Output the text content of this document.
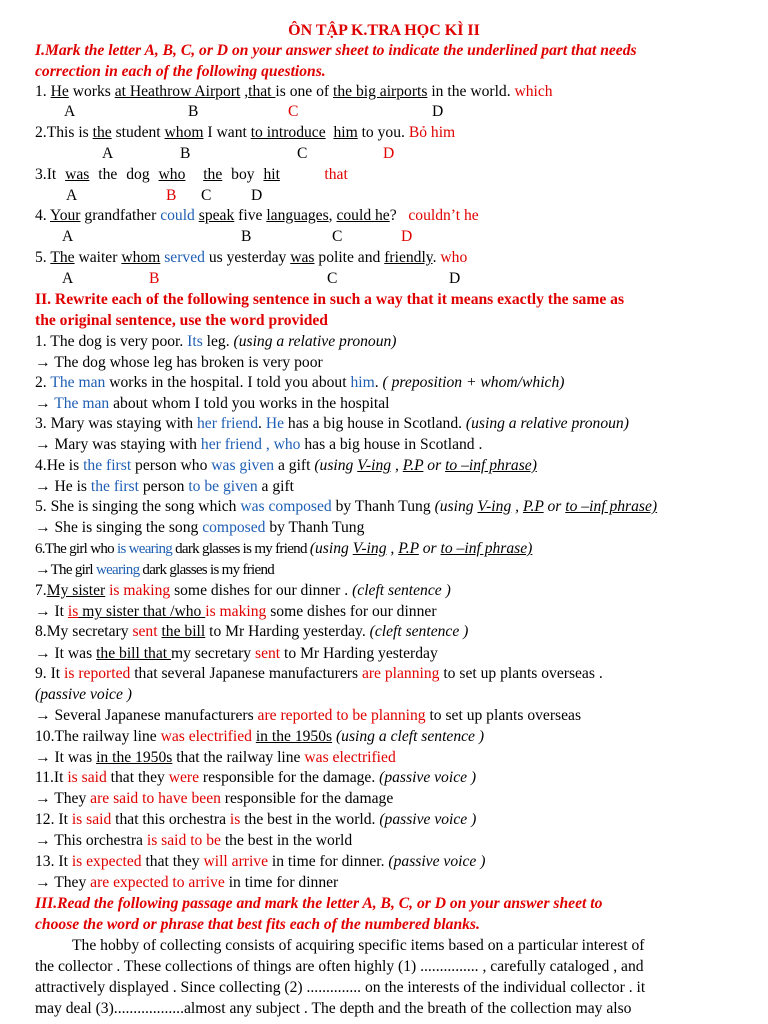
ÔN TẬP K.TRA HỌC KÌ II
I.Mark the letter A, B, C, or D on your answer sheet to indicate the underlined part that needs
correction in each of the following questions.
1. He works at Heathrow Airport ,that is one of the big airports in the world. which
A	B	C	D
2.This is the student whom I want to introduce him to you. Bỏ him
A	B	C	D
3.It was the dog who the boy hit	that
A	B C	D
4. Your grandfather could speak five languages, could he?   couldn’t he
A	B	C	D
5. The waiter whom served us yesterday was polite and friendly. who
A	B	C	D
II. Rewrite each of the following sentence in such a way that it means exactly the same as
the original sentence, use the word provided
1. The dog is very poor. Its leg. (using a relative pronoun)
→ The dog whose leg has broken is very poor
2. The man works in the hospital. I told you about him. ( preposition + whom/which)
→ The man about whom I told you works in the hospital
3. Mary was staying with her friend. He has a big house in Scotland. (using a relative pronoun)
→ Mary was staying with her friend , who has a big house in Scotland .
4.He is the first person who was given a gift (using V-ing , P.P or to –inf phrase)
→ He is the first person to be given a gift
5. She is singing the song which was composed by Thanh Tung (using V-ing , P.P or to –inf phrase)
→ She is singing the song composed by Thanh Tung
6.The girl who is wearing dark glasses is my friend (using V-ing , P.P or to –inf phrase)
→The girl wearing dark glasses is my friend
7.My sister is making some dishes for our dinner . (cleft sentence )
→ It is my sister that /who is making some dishes for our dinner
8.My secretary sent the bill to Mr Harding yesterday. (cleft sentence )
→ It was the bill that my secretary sent to Mr Harding yesterday
9. It is reported that several Japanese manufacturers are planning to set up plants overseas .
(passive voice )
→ Several Japanese manufacturers are reported to be planning to set up plants overseas
10.The railway line was electrified in the 1950s (using a cleft sentence )
→ It was in the 1950s that the railway line was electrified
11.It is said that they were responsible for the damage. (passive voice )
→ They are said to have been responsible for the damage
12. It is said that this orchestra is the best in the world. (passive voice )
→ This orchestra is said to be the best in the world
13. It is expected that they will arrive in time for dinner. (passive voice )
→ They are expected to arrive in time for dinner
III.Read the following passage and mark the letter A, B, C, or D on your answer sheet to
choose the word or phrase that best fits each of the numbered blanks.
The hobby of collecting consists of acquiring specific items based on a particular interest of
the collector . These collections of things are often highly (1) ............... , carefully cataloged , and
attractively displayed . Since collecting (2) .............. on the interests of the individual collector . it
may deal (3)..................almost any subject . The depth and the breath of the collection may also
